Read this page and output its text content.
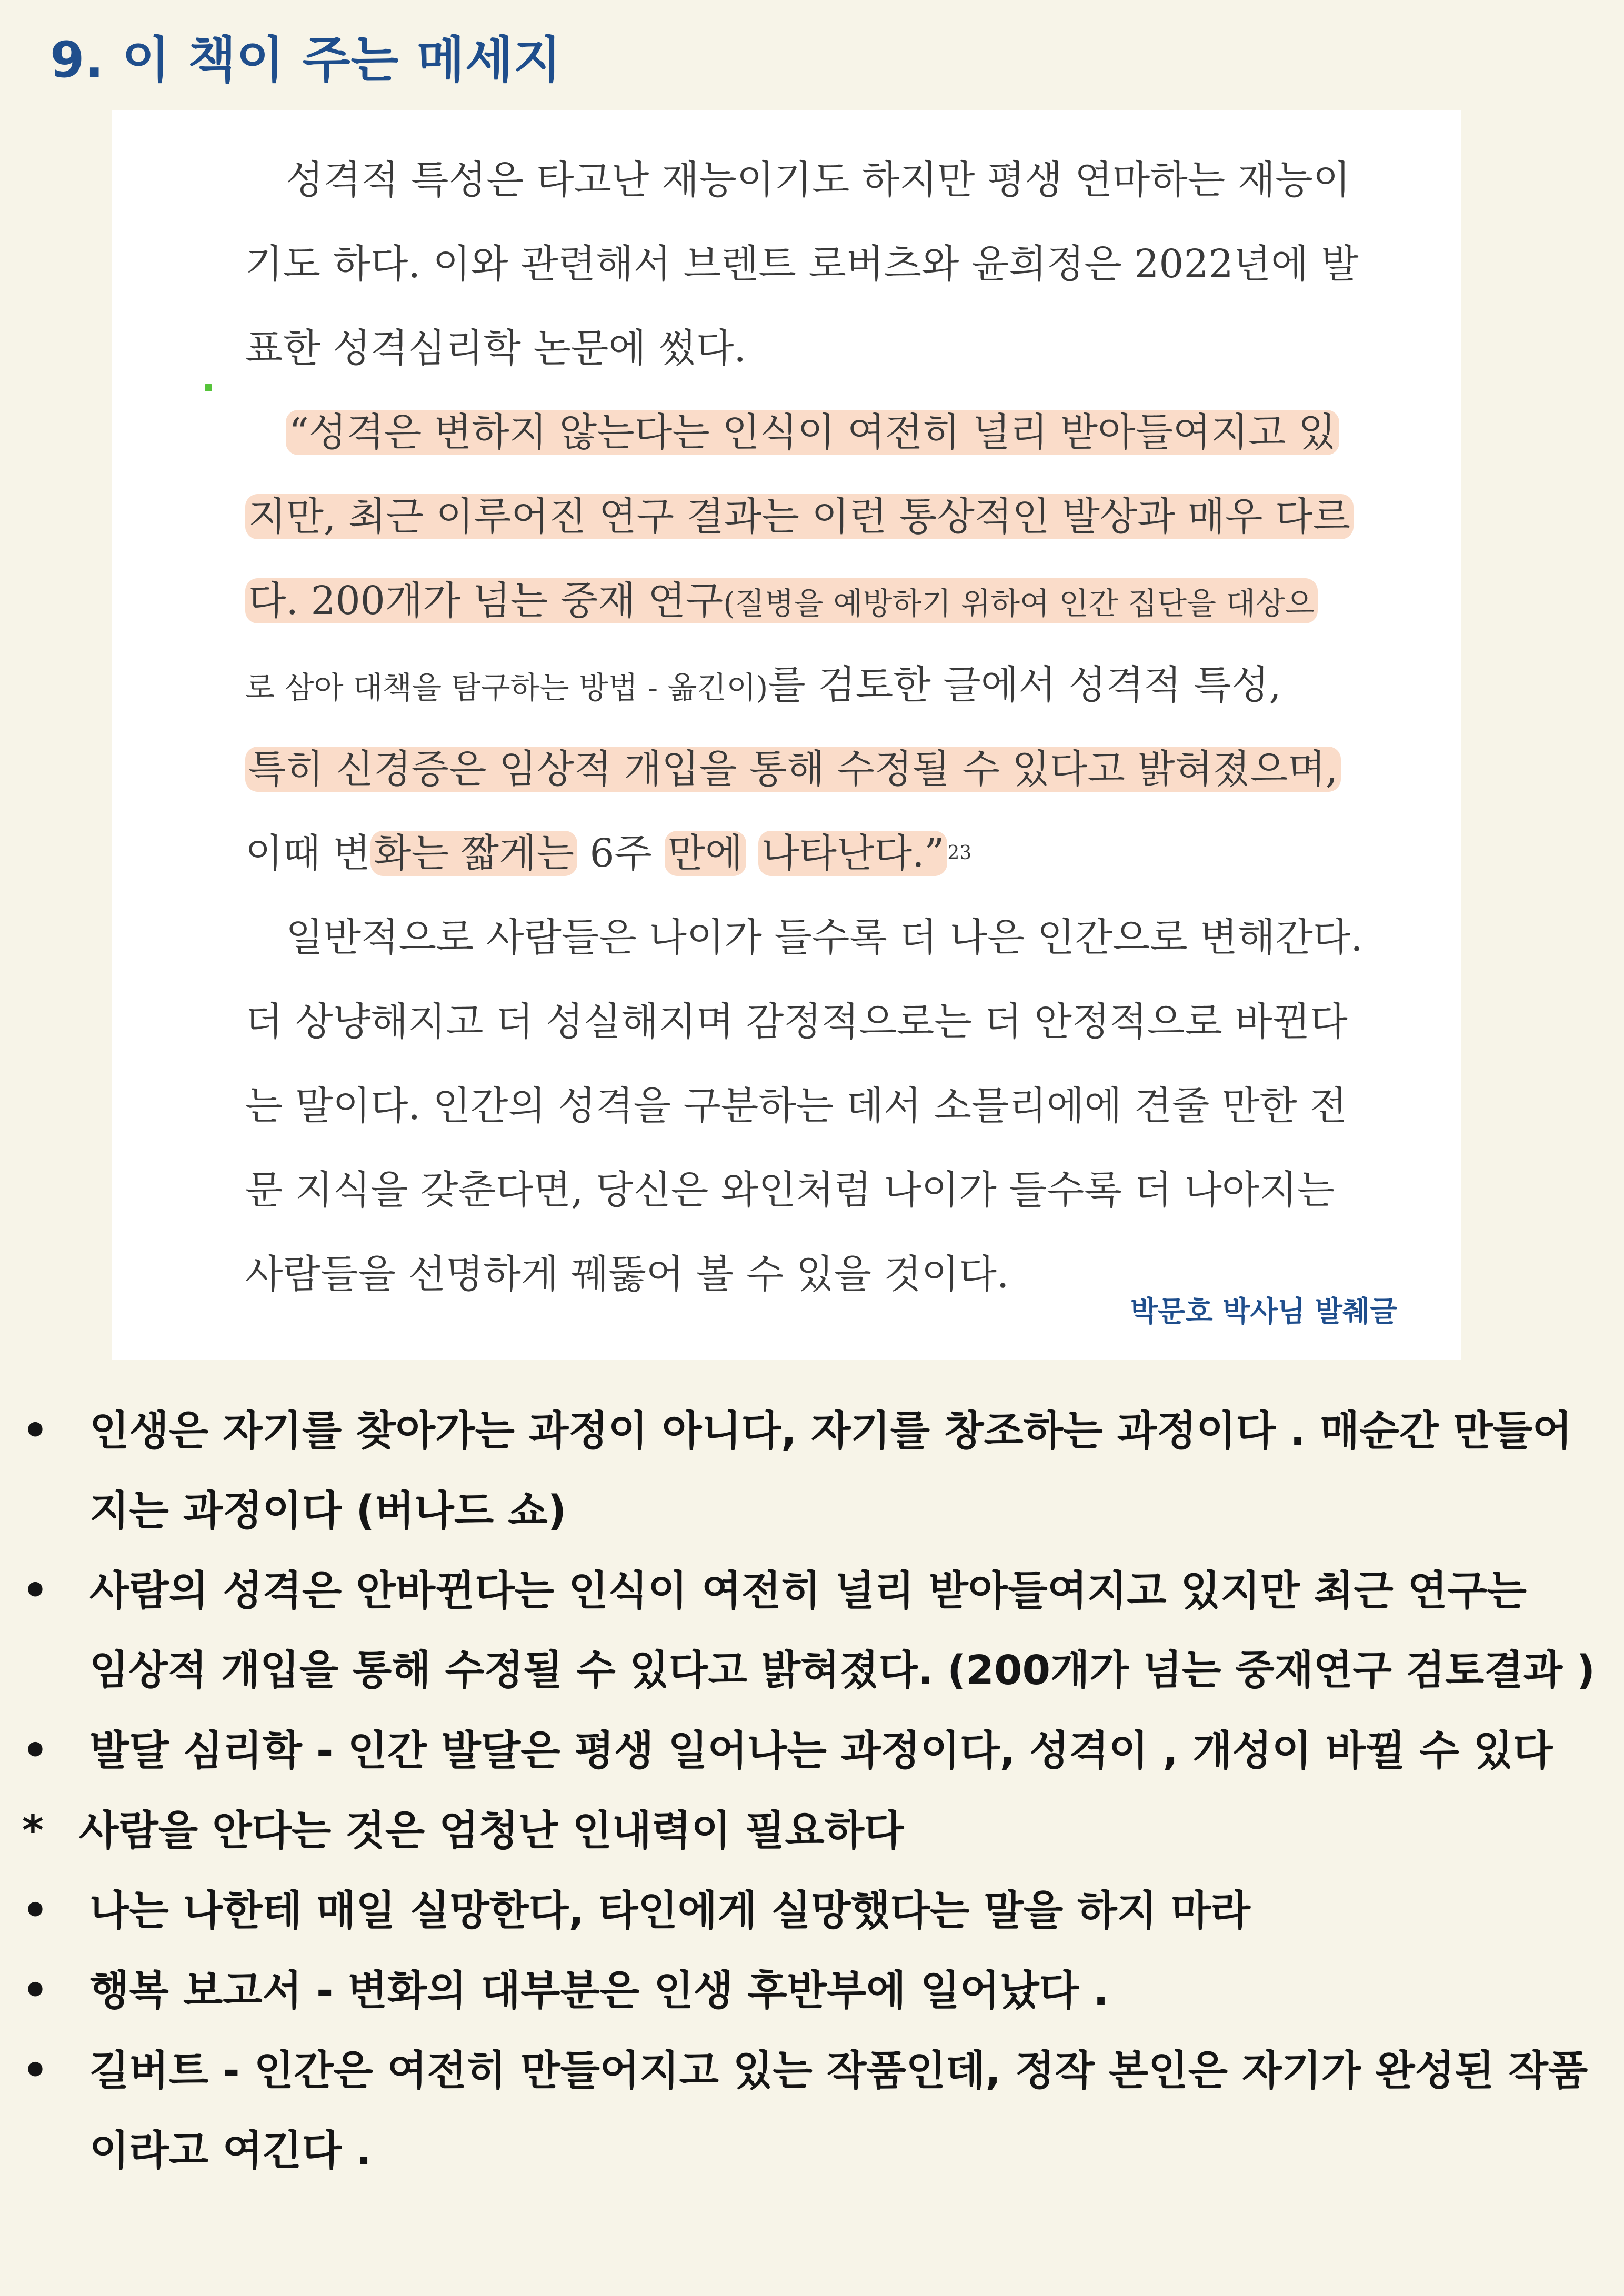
9. 이 책이 주는 메세지
성격적 특성은 타고난 재능이기도 하지만 평생 연마하는 재능이
기도 하다. 이와 관련해서 브렌트 로버츠와 윤희정은 2022년에 발
표한 성격심리학 논문에 썼다.
“성격은 변하지 않는다는 인식이 여전히 널리 받아들여지고 있
지만, 최근 이루어진 연구 결과는 이런 통상적인 발상과 매우 다르
다. 200개가 넘는 중재 연구(질병을 예방하기 위하여 인간 집단을 대상으
로 삼아 대책을 탐구하는 방법 - 옮긴이)를 검토한 글에서 성격적 특성,
특히 신경증은 임상적 개입을 통해 수정될 수 있다고 밝혀졌으며,
이때 변화는 짧게는 6주 만에 나타난다.” $^{23}$
일반적으로 사람들은 나이가 들수록 더 나은 인간으로 변해간다.
더 상냥해지고 더 성실해지며 감정적으로는 더 안정적으로 바뀐다
는 말이다. 인간의 성격을 구분하는 데서 소믈리에에 견줄 만한 전
문 지식을 갖춘다면, 당신은 와인처럼 나이가 들수록 더 나아지는
사람들을 선명하게 꿰뚫어 볼 수 있을 것이다.
박문호 박사님 발췌글
• 인생은 자기를 찾아가는 과정이 아니다, 자기를 창조하는 과정이다 . 매순간 만들어
지는 과정이다 (버나드 쇼)
• 사람의 성격은 안바뀐다는 인식이 여전히 널리 받아들여지고 있지만 최근 연구는
임상적 개입을 통해 수정될 수 있다고 밝혀졌다. (200개가 넘는 중재연구 검토결과 )
• 발달 심리학 - 인간 발달은 평생 일어나는 과정이다, 성격이 , 개성이 바뀔 수 있다
* 사람을 안다는 것은 엄청난 인내력이 필요하다
• 나는 나한테 매일 실망한다, 타인에게 실망했다는 말을 하지 마라
• 행복 보고서 - 변화의 대부분은 인생 후반부에 일어났다 .
• 길버트 - 인간은 여전히 만들어지고 있는 작품인데, 정작 본인은 자기가 완성된 작품
이라고 여긴다 .
